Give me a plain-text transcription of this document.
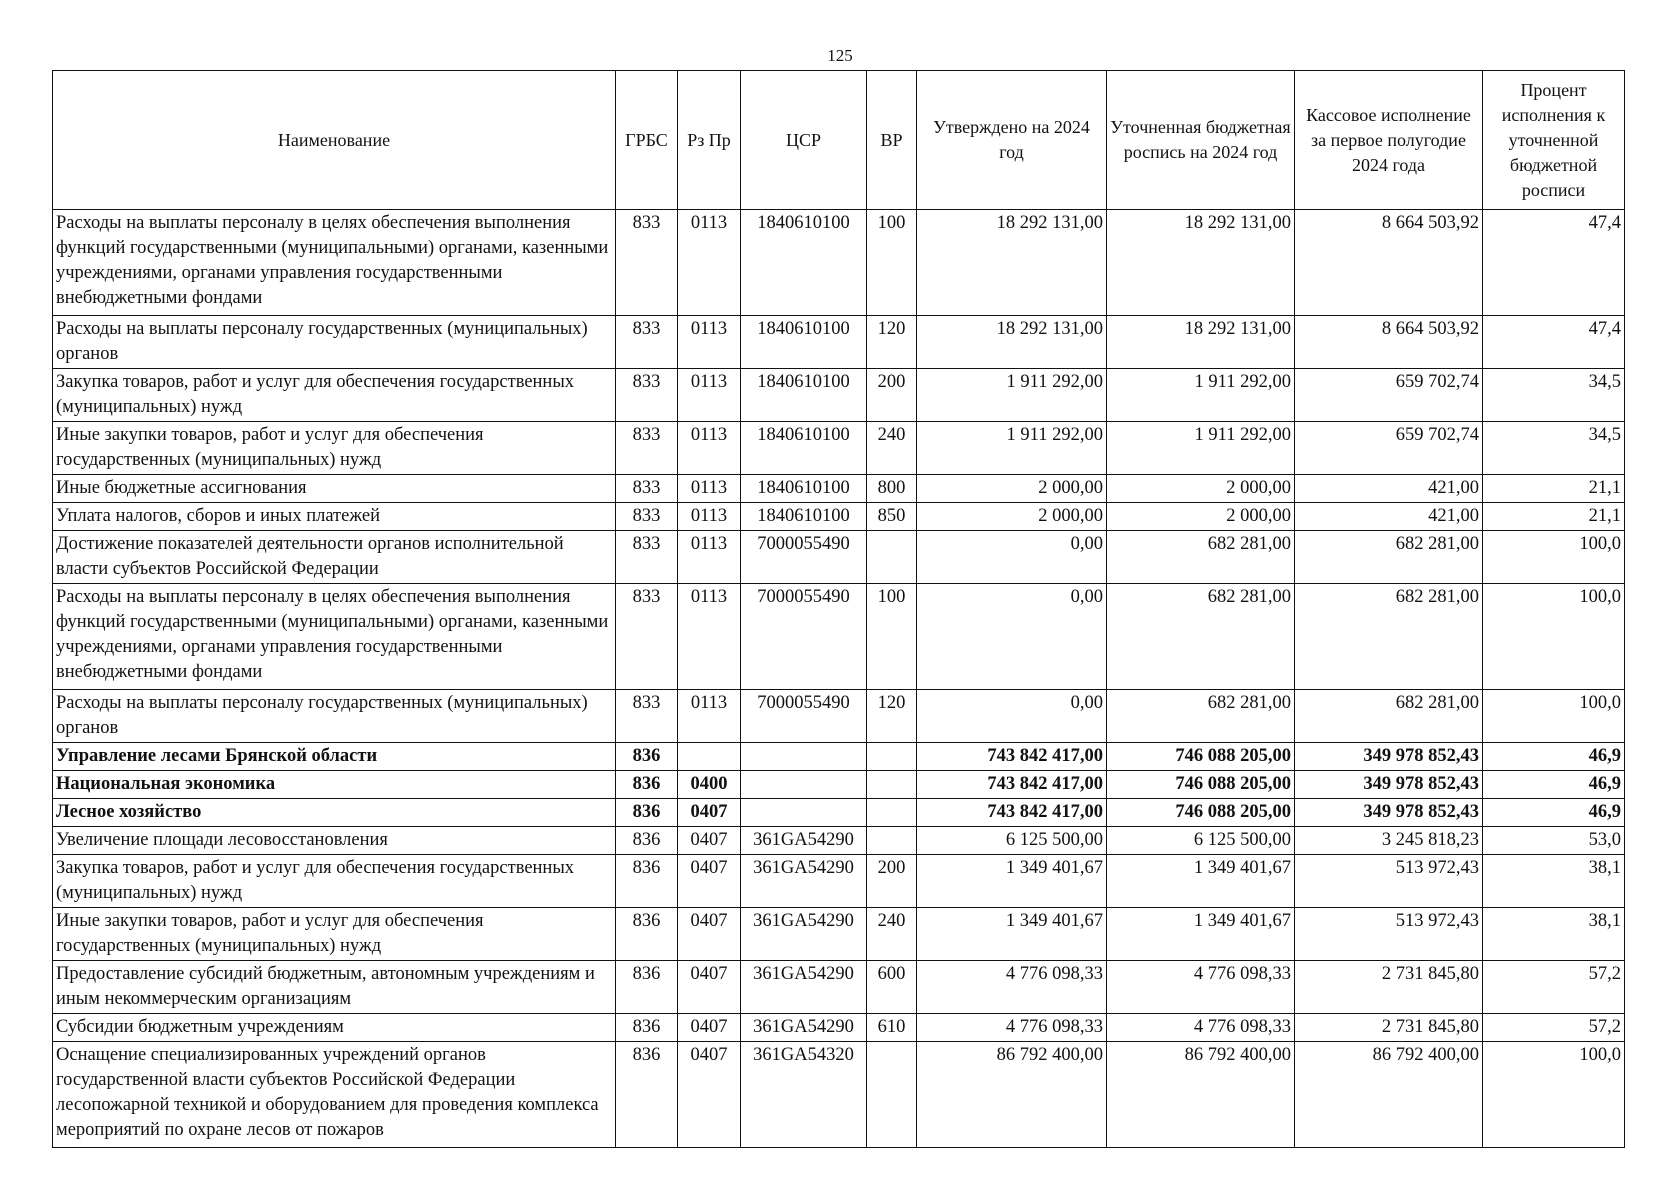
125
Наименование	ГРБС	Рз Пр	ЦСР	ВР	Утверждено на 2024 год	Уточненная бюджетная роспись на 2024 год	Кассовое исполнение за первое полугодие 2024 года	Процент исполнения к уточненной бюджетной росписи
Расходы на выплаты персоналу в целях обеспечения выполнения функций государственными (муниципальными) органами, казенными учреждениями, органами управления государственными внебюджетными фондами	833	0113	1840610100	100	18 292 131,00	18 292 131,00	8 664 503,92	47,4
Расходы на выплаты персоналу государственных (муниципальных) органов	833	0113	1840610100	120	18 292 131,00	18 292 131,00	8 664 503,92	47,4
Закупка товаров, работ и услуг для обеспечения государственных (муниципальных) нужд	833	0113	1840610100	200	1 911 292,00	1 911 292,00	659 702,74	34,5
Иные закупки товаров, работ и услуг для обеспечения государственных (муниципальных) нужд	833	0113	1840610100	240	1 911 292,00	1 911 292,00	659 702,74	34,5
Иные бюджетные ассигнования	833	0113	1840610100	800	2 000,00	2 000,00	421,00	21,1
Уплата налогов, сборов и иных платежей	833	0113	1840610100	850	2 000,00	2 000,00	421,00	21,1
Достижение показателей деятельности органов исполнительной власти субъектов Российской Федерации	833	0113	7000055490		0,00	682 281,00	682 281,00	100,0
Расходы на выплаты персоналу в целях обеспечения выполнения функций государственными (муниципальными) органами, казенными учреждениями, органами управления государственными внебюджетными фондами	833	0113	7000055490	100	0,00	682 281,00	682 281,00	100,0
Расходы на выплаты персоналу государственных (муниципальных) органов	833	0113	7000055490	120	0,00	682 281,00	682 281,00	100,0
Управление лесами Брянской области	836				743 842 417,00	746 088 205,00	349 978 852,43	46,9
Национальная экономика	836	0400			743 842 417,00	746 088 205,00	349 978 852,43	46,9
Лесное хозяйство	836	0407			743 842 417,00	746 088 205,00	349 978 852,43	46,9
Увеличение площади лесовосстановления	836	0407	361GA54290		6 125 500,00	6 125 500,00	3 245 818,23	53,0
Закупка товаров, работ и услуг для обеспечения государственных (муниципальных) нужд	836	0407	361GA54290	200	1 349 401,67	1 349 401,67	513 972,43	38,1
Иные закупки товаров, работ и услуг для обеспечения государственных (муниципальных) нужд	836	0407	361GA54290	240	1 349 401,67	1 349 401,67	513 972,43	38,1
Предоставление субсидий бюджетным, автономным учреждениям и иным некоммерческим организациям	836	0407	361GA54290	600	4 776 098,33	4 776 098,33	2 731 845,80	57,2
Субсидии бюджетным учреждениям	836	0407	361GA54290	610	4 776 098,33	4 776 098,33	2 731 845,80	57,2
Оснащение специализированных учреждений органов государственной власти субъектов Российской Федерации лесопожарной техникой и оборудованием для проведения комплекса мероприятий по охране лесов от пожаров	836	0407	361GA54320		86 792 400,00	86 792 400,00	86 792 400,00	100,0
